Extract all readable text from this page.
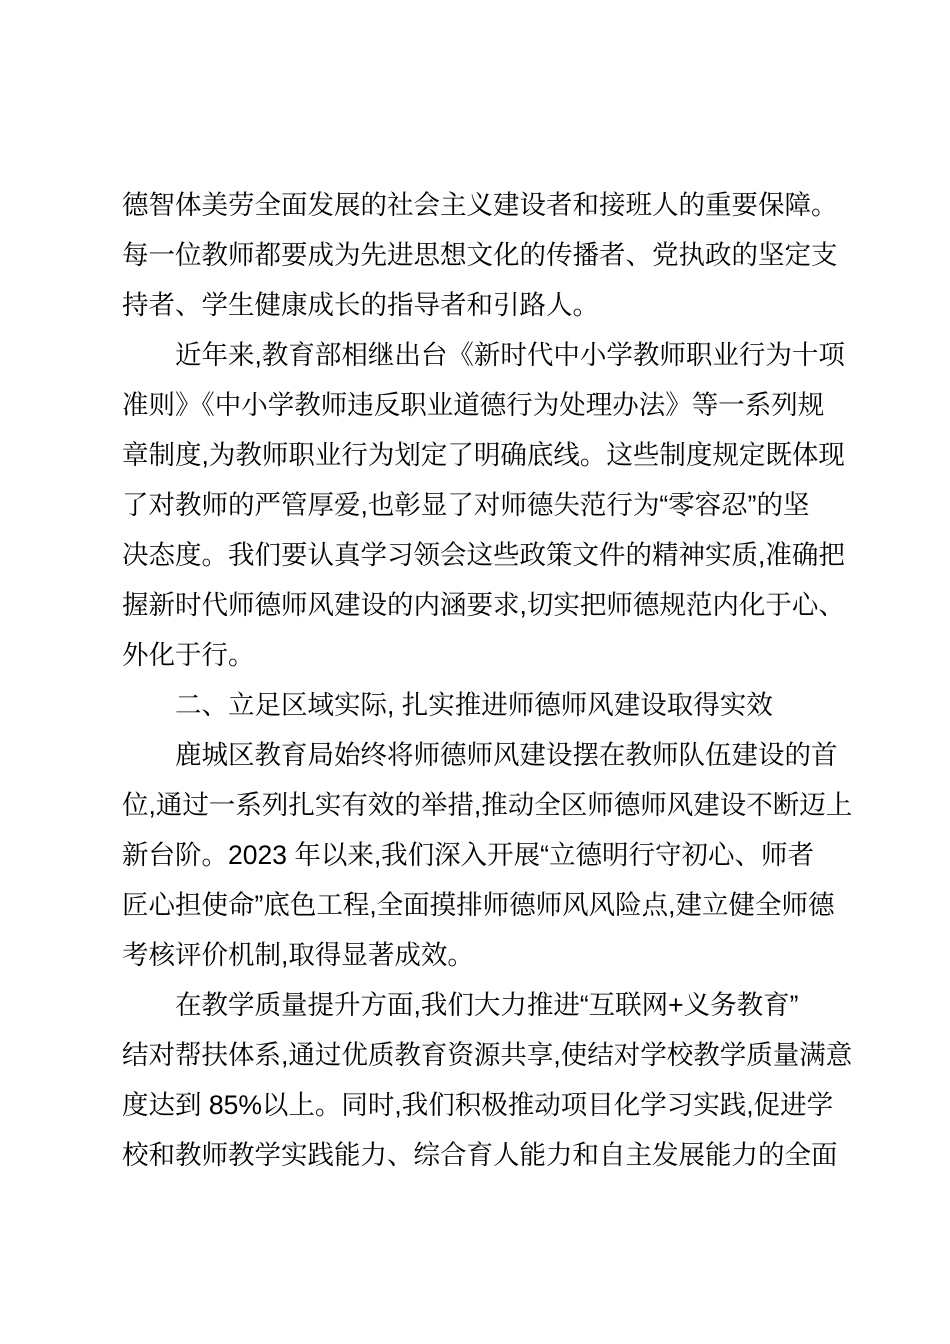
德智体美劳全面发展的社会主义建设者和接班人的重要保障。
每一位教师都要成为先进思想文化的传播者、党执政的坚定支
持者、学生健康成长的指导者和引路人。
近年来,教育部相继出台《新时代中小学教师职业行为十项
准则》《中小学教师违反职业道德行为处理办法》等一系列规
章制度,为教师职业行为划定了明确底线。这些制度规定既体现
了对教师的严管厚爱,也彰显了对师德失范行为“零容忍”的坚
决态度。我们要认真学习领会这些政策文件的精神实质,准确把
握新时代师德师风建设的内涵要求,切实把师德规范内化于心、
外化于行。
二、立足区域实际, 扎实推进师德师风建设取得实效
鹿城区教育局始终将师德师风建设摆在教师队伍建设的首
位,通过一系列扎实有效的举措,推动全区师德师风建设不断迈上
新台阶。2023 年以来,我们深入开展“立德明行守初心、师者
匠心担使命”底色工程,全面摸排师德师风风险点,建立健全师德
考核评价机制,取得显著成效。
在教学质量提升方面,我们大力推进“互联网+义务教育”
结对帮扶体系,通过优质教育资源共享,使结对学校教学质量满意
度达到 85%以上。同时,我们积极推动项目化学习实践,促进学
校和教师教学实践能力、综合育人能力和自主发展能力的全面
